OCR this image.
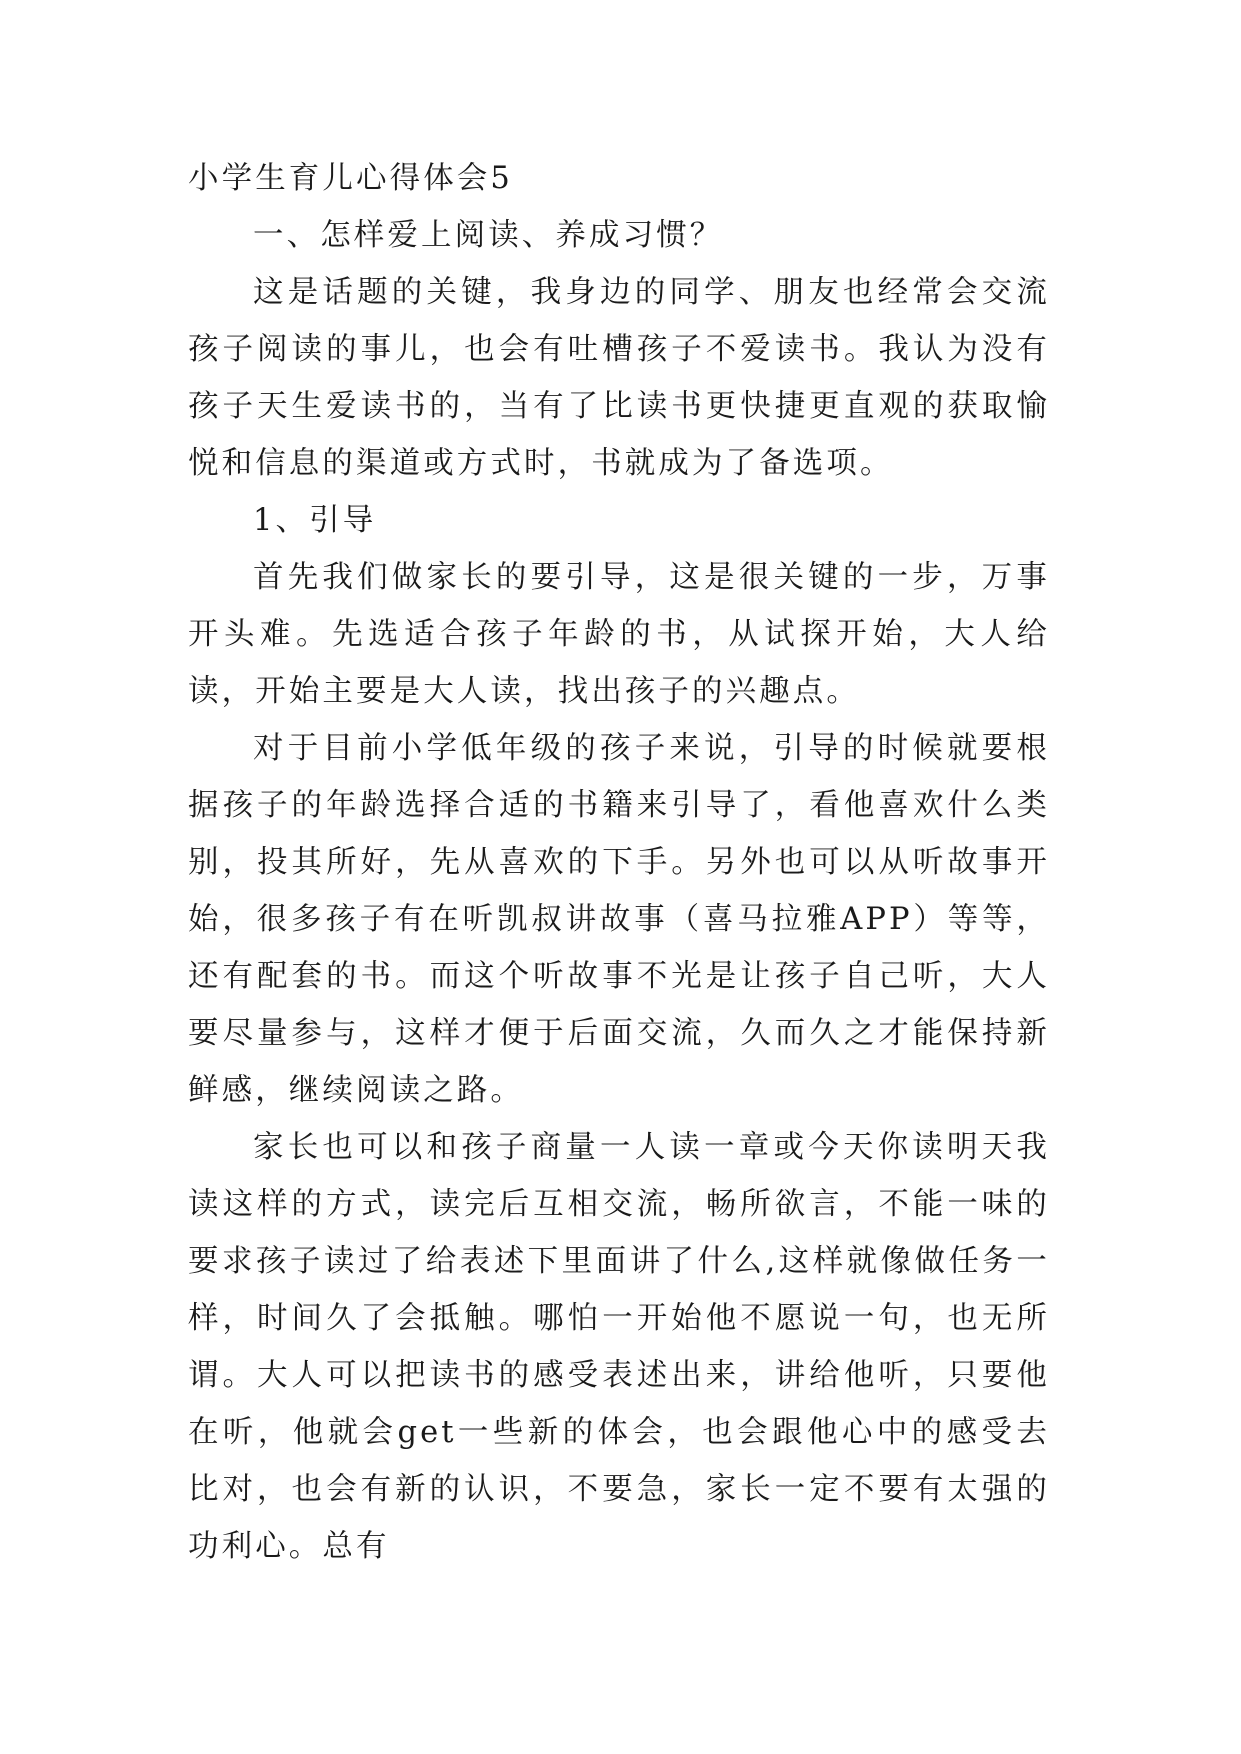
小学生育儿心得体会5

一、怎样爱上阅读、养成习惯？

这是话题的关键，我身边的同学、朋友也经常会交流孩子阅读的事儿，也会有吐槽孩子不爱读书。我认为没有孩子天生爱读书的，当有了比读书更快捷更直观的获取愉悦和信息的渠道或方式时，书就成为了备选项。

1、引导

首先我们做家长的要引导，这是很关键的一步，万事开头难。先选适合孩子年龄的书，从试探开始，大人给读，开始主要是大人读，找出孩子的兴趣点。

对于目前小学低年级的孩子来说，引导的时候就要根据孩子的年龄选择合适的书籍来引导了，看他喜欢什么类别，投其所好，先从喜欢的下手。另外也可以从听故事开始，很多孩子有在听凯叔讲故事（喜马拉雅APP）等等，还有配套的书。而这个听故事不光是让孩子自己听，大人要尽量参与，这样才便于后面交流，久而久之才能保持新鲜感，继续阅读之路。

家长也可以和孩子商量一人读一章或今天你读明天我读这样的方式，读完后互相交流，畅所欲言，不能一味的要求孩子读过了给表述下里面讲了什么,这样就像做任务一样，时间久了会抵触。哪怕一开始他不愿说一句，也无所谓。大人可以把读书的感受表述出来，讲给他听，只要他在听，他就会get一些新的体会，也会跟他心中的感受去比对，也会有新的认识，不要急，家长一定不要有太强的功利心。总有
